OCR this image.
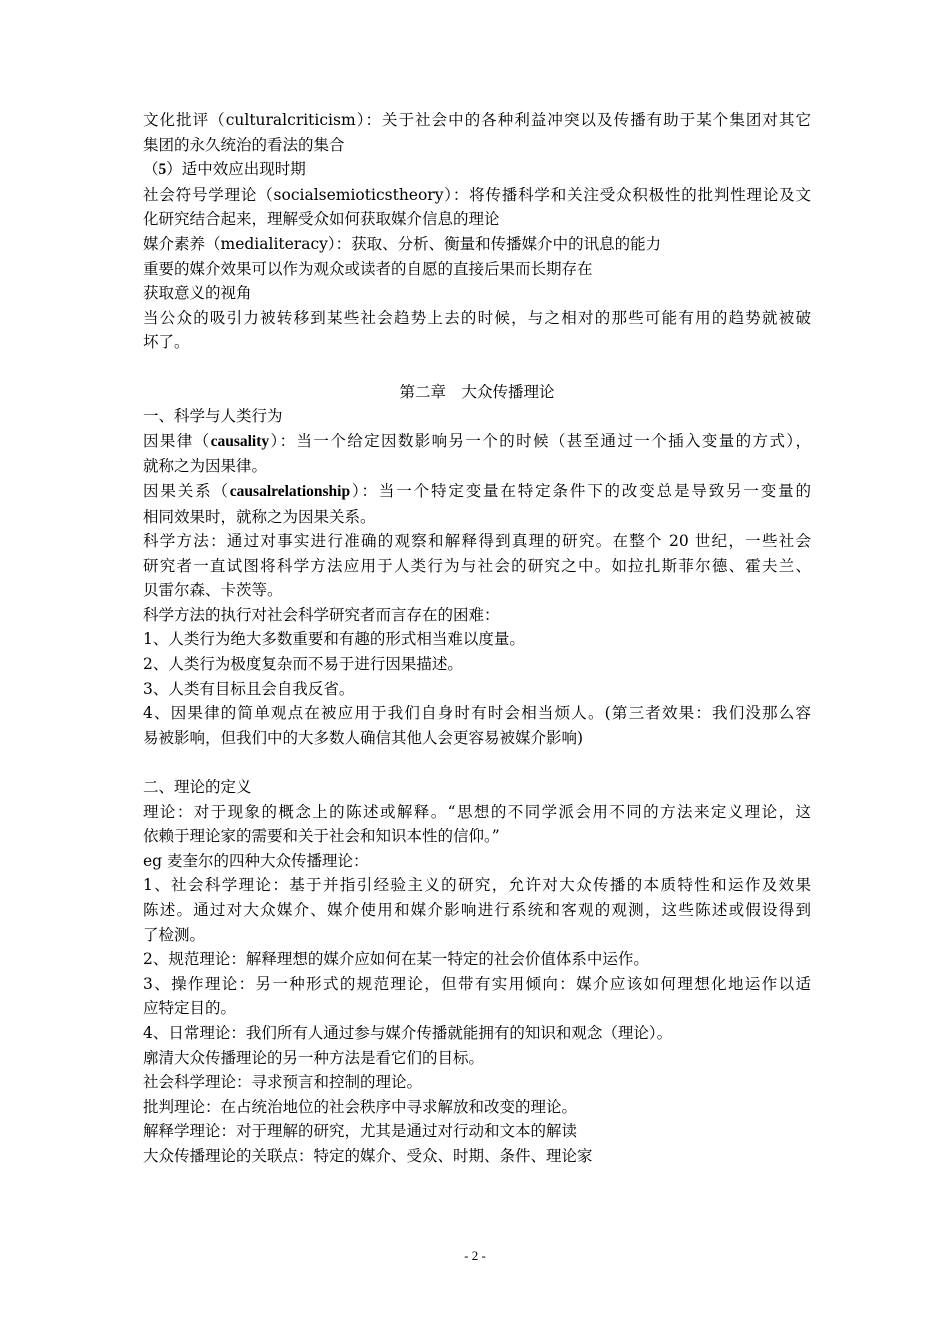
文化批评（culturalcriticism）：关于社会中的各种利益冲突以及传播有助于某个集团对其它
集团的永久统治的看法的集合
（5）适中效应出现时期
社会符号学理论（socialsemioticstheory）：将传播科学和关注受众积极性的批判性理论及文
化研究结合起来，理解受众如何获取媒介信息的理论
媒介素养（medialiteracy）：获取、分析、衡量和传播媒介中的讯息的能力
重要的媒介效果可以作为观众或读者的自愿的直接后果而长期存在
获取意义的视角
当公众的吸引力被转移到某些社会趋势上去的时候，与之相对的那些可能有用的趋势就被破
坏了。
第二章　大众传播理论
一、科学与人类行为
因果律（causality）：当一个给定因数影响另一个的时候（甚至通过一个插入变量的方式），
就称之为因果律。
因果关系（causalrelationship）：当一个特定变量在特定条件下的改变总是导致另一变量的
相同效果时，就称之为因果关系。
科学方法：通过对事实进行准确的观察和解释得到真理的研究。在整个 20 世纪，一些社会
研究者一直试图将科学方法应用于人类行为与社会的研究之中。如拉扎斯菲尔德、霍夫兰、
贝雷尔森、卡茨等。
科学方法的执行对社会科学研究者而言存在的困难：
1、人类行为绝大多数重要和有趣的形式相当难以度量。
2、人类行为极度复杂而不易于进行因果描述。
3、人类有目标且会自我反省。
4、因果律的简单观点在被应用于我们自身时有时会相当烦人。(第三者效果：我们没那么容
易被影响，但我们中的大多数人确信其他人会更容易被媒介影响)
二、理论的定义
理论：对于现象的概念上的陈述或解释。“思想的不同学派会用不同的方法来定义理论，这
依赖于理论家的需要和关于社会和知识本性的信仰。”
eg 麦奎尔的四种大众传播理论：
1、社会科学理论：基于并指引经验主义的研究，允许对大众传播的本质特性和运作及效果
陈述。通过对大众媒介、媒介使用和媒介影响进行系统和客观的观测，这些陈述或假设得到
了检测。
2、规范理论：解释理想的媒介应如何在某一特定的社会价值体系中运作。
3、操作理论：另一种形式的规范理论，但带有实用倾向：媒介应该如何理想化地运作以适
应特定目的。
4、日常理论：我们所有人通过参与媒介传播就能拥有的知识和观念（理论）。
廓清大众传播理论的另一种方法是看它们的目标。
社会科学理论：寻求预言和控制的理论。
批判理论：在占统治地位的社会秩序中寻求解放和改变的理论。
解释学理论：对于理解的研究，尤其是通过对行动和文本的解读
大众传播理论的关联点：特定的媒介、受众、时期、条件、理论家
- 2 -
